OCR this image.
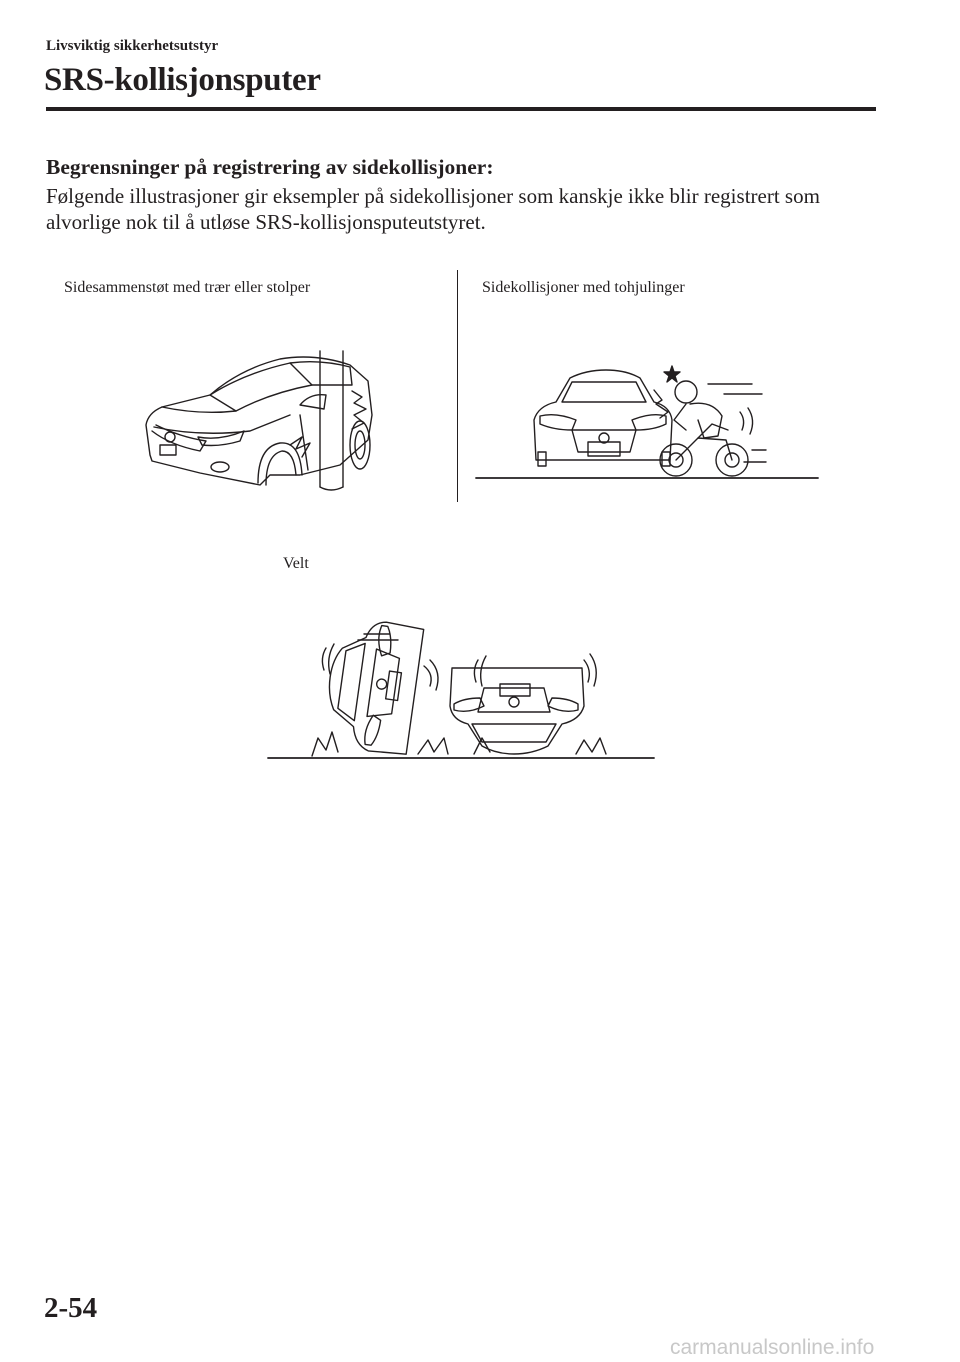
Livsviktig sikkerhetsutstyr
SRS-kollisjonsputer
Begrensninger på registrering av sidekollisjoner:
Følgende illustrasjoner gir eksempler på sidekollisjoner som kanskje ikke blir registrert som alvorlige nok til å utløse SRS-kollisjonsputeutstyret.
Sidesammenstøt med trær eller stolper	Sidekollisjoner med tohjulinger
Velt
2-54
carmanualsonline.info
